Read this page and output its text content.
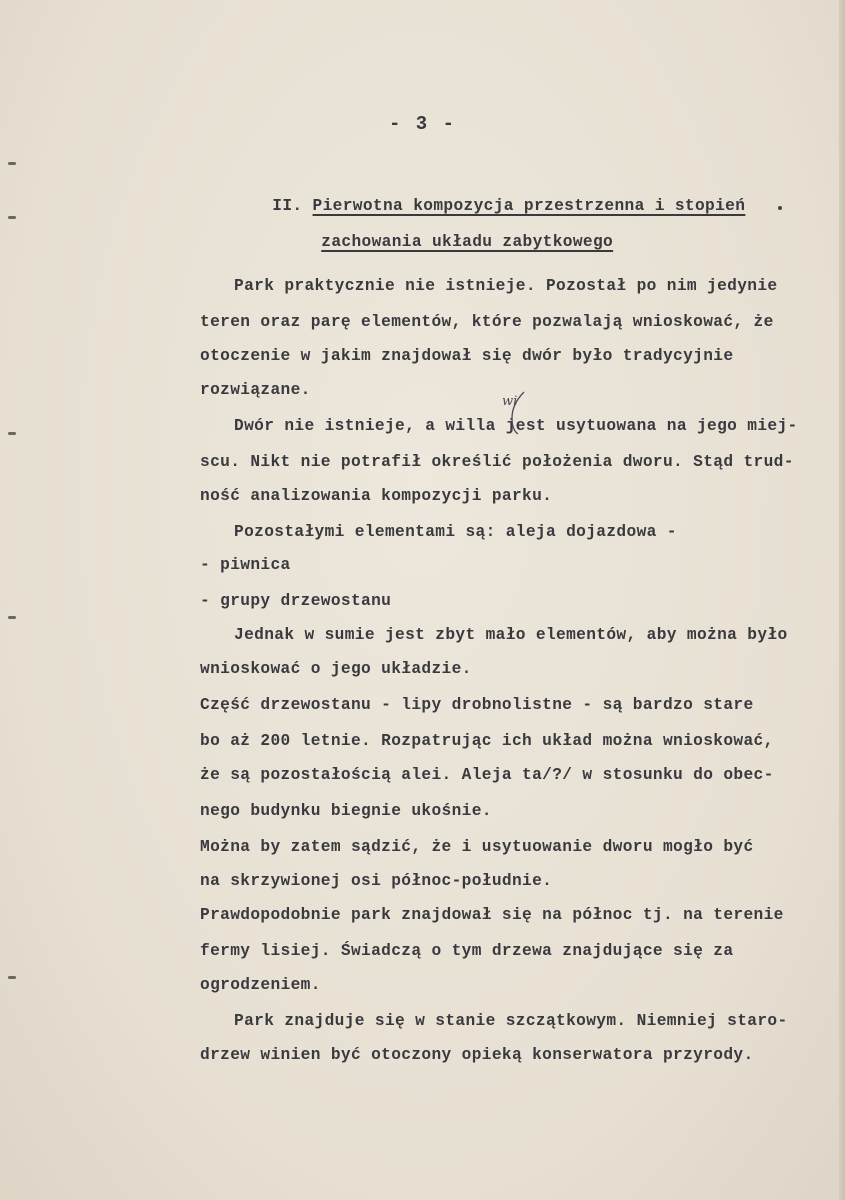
- 3 -

II. Pierwotna kompozycja przestrzenna i stopień

zachowania układu zabytkowego

Park praktycznie nie istnieje. Pozostał po nim jedynie
teren oraz parę elementów, które pozwalają wnioskować, że
otoczenie w jakim znajdował się dwór było tradycyjnie
rozwiązane.
Dwór nie istnieje, a willa jest usytuowana na jego miej-
scu. Nikt nie potrafił określić położenia dworu. Stąd trud-
ność analizowania kompozycji parku.
Pozostałymi elementami są: aleja dojazdowa -
- piwnica
- grupy drzewostanu
Jednak w sumie jest zbyt mało elementów, aby można było
wnioskować o jego układzie.
Część drzewostanu - lipy drobnolistne - są bardzo stare
bo aż 200 letnie. Rozpatrując ich układ można wnioskować,
że są pozostałością alei. Aleja ta/?/ w stosunku do obec-
nego budynku biegnie ukośnie.
Można by zatem sądzić, że i usytuowanie dworu mogło być
na skrzywionej osi północ-południe.
Prawdopodobnie park znajdował się na północ tj. na terenie
fermy lisiej. Świadczą o tym drzewa znajdujące się za
ogrodzeniem.
Park znajduje się w stanie szczątkowym. Niemniej staro-
drzew winien być otoczony opieką konserwatora przyrody.
wi
